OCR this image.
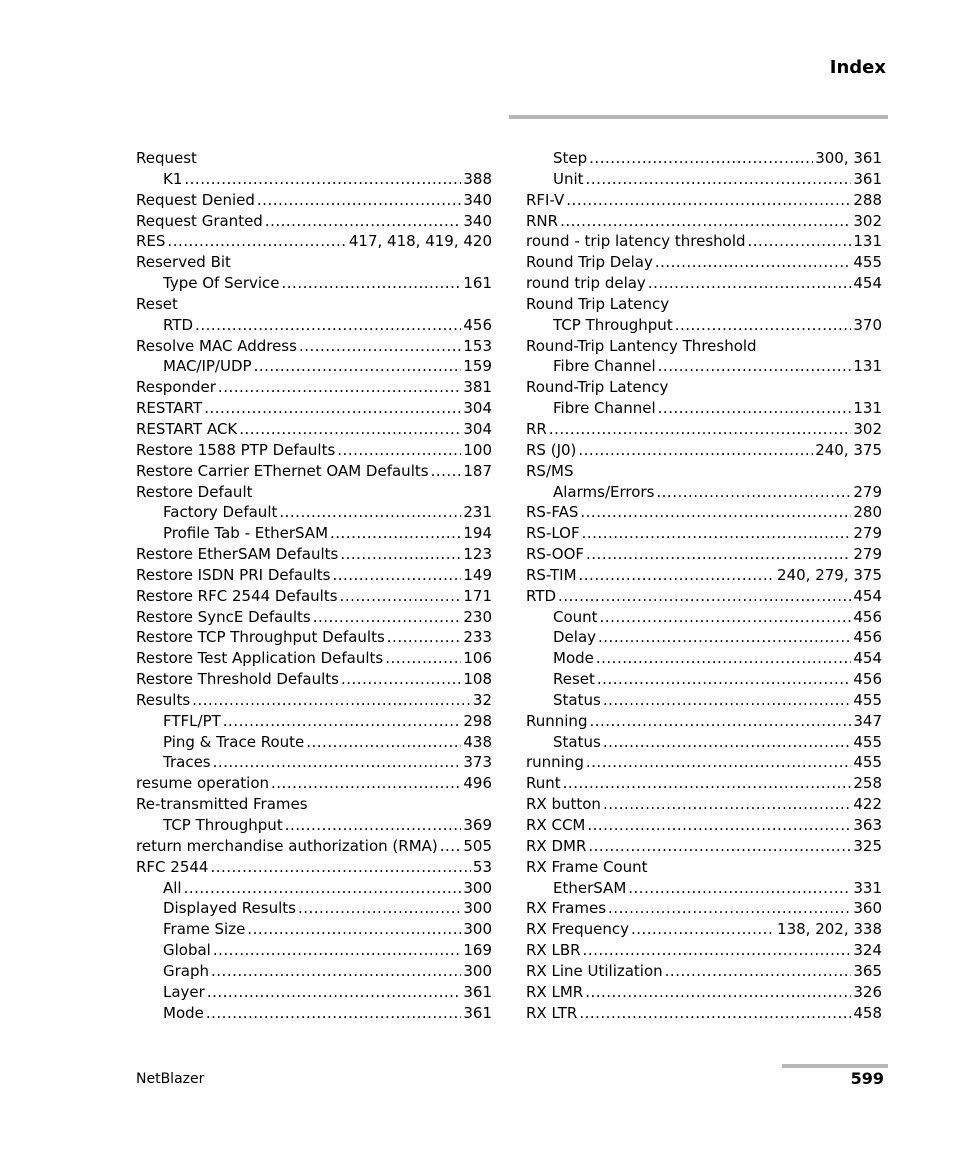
Index
Request
K1 .....	388
Request Denied .....	340
Request Granted .....	340
RES .....	417, 418, 419, 420
Reserved Bit
Type Of Service .....	161
Reset
RTD .....	456
Resolve MAC Address .....	153
MAC/IP/UDP .....	159
Responder .....	381
RESTART .....	304
RESTART ACK .....	304
Restore 1588 PTP Defaults .....	100
Restore Carrier EThernet OAM Defaults ..... 187
Restore Default
Factory Default .....	231
Profile Tab - EtherSAM .....	194
Restore EtherSAM Defaults .....	123
Restore ISDN PRI Defaults .....	149
Restore RFC 2544 Defaults .....	171
Restore SyncE Defaults .....	230
Restore TCP Throughput Defaults .....	233
Restore Test Application Defaults .....	106
Restore Threshold Defaults .....	108
Results .....	32
FTFL/PT .....	298
Ping & Trace Route .....	438
Traces .....	373
resume operation .....	496
Re-transmitted Frames
TCP Throughput .....	369
return merchandise authorization (RMA) ..... 505
RFC 2544 .....	53
All .....	300
Displayed Results .....	300
Frame Size .....	300
Global .....	169
Graph .....	300
Layer .....	361
Mode .....	361
Step .....	300, 361
Unit .....	361
RFI-V .....	288
RNR .....	302
round - trip latency threshold .....	131
Round Trip Delay .....	455
round trip delay .....	454
Round Trip Latency
TCP Throughput .....	370
Round-Trip Lantency Threshold
Fibre Channel .....	131
Round-Trip Latency
Fibre Channel .....	131
RR .....	302
RS (J0) .....	240, 375
RS/MS
Alarms/Errors .....	279
RS-FAS .....	280
RS-LOF .....	279
RS-OOF .....	279
RS-TIM .....	240, 279, 375
RTD .....	454
Count .....	456
Delay .....	456
Mode .....	454
Reset .....	456
Status .....	455
Running .....	347
Status .....	455
running .....	455
Runt .....	258
RX button .....	422
RX CCM .....	363
RX DMR .....	325
RX Frame Count
EtherSAM .....	331
RX Frames .....	360
RX Frequency .....	138, 202, 338
RX LBR .....	324
RX Line Utilization .....	365
RX LMR .....	326
RX LTR .....	458
NetBlazer	599
